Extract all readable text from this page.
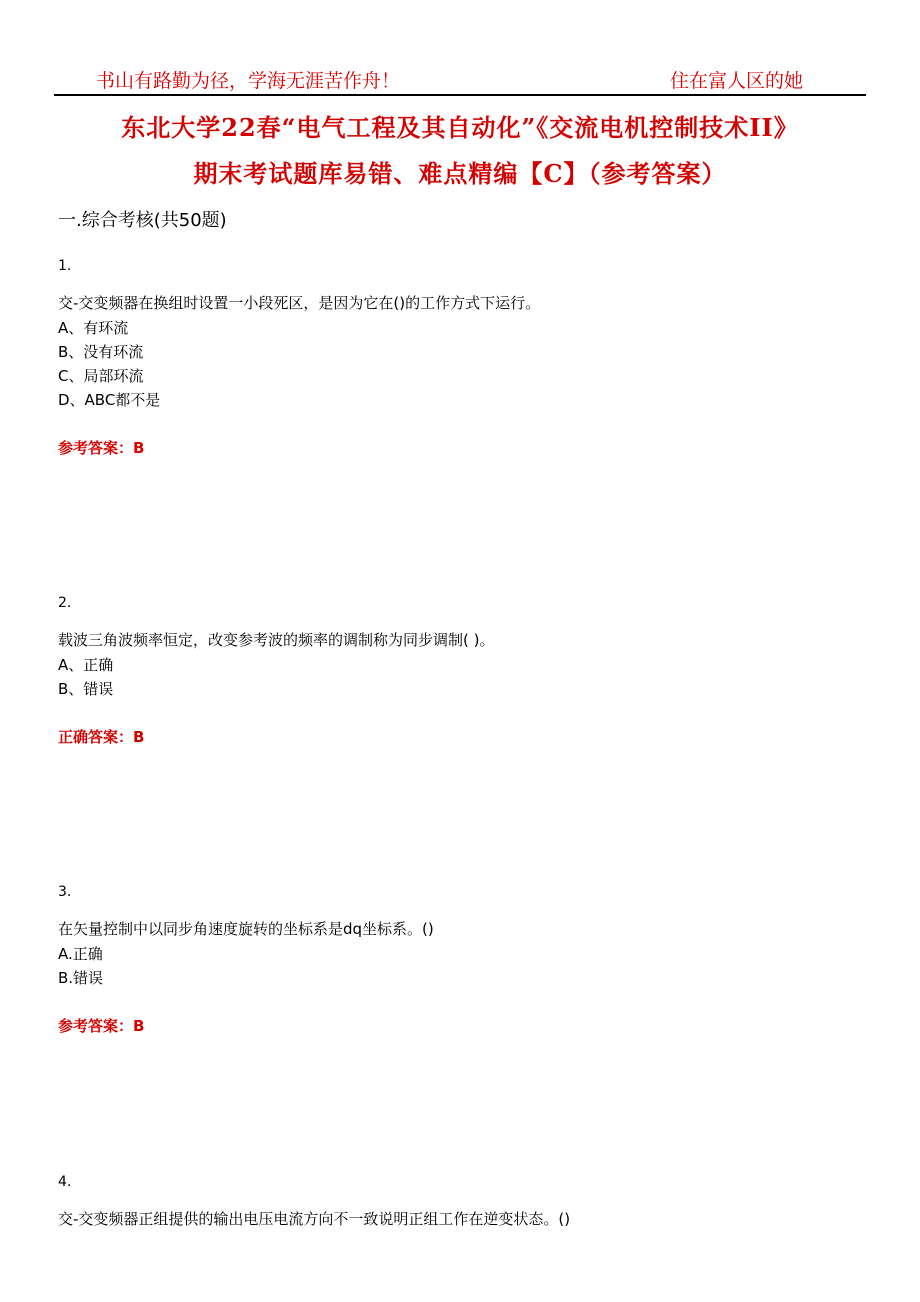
书山有路勤为径，学海无涯苦作舟！	住在富人区的她
东北大学22春“电气工程及其自动化”《交流电机控制技术II》
期末考试题库易错、难点精编【C】（参考答案）
一.综合考核(共50题)
1.
交-交变频器在换组时设置一小段死区，是因为它在()的工作方式下运行。
A、有环流
B、没有环流
C、局部环流
D、ABC都不是
参考答案：B
2.
载波三角波频率恒定，改变参考波的频率的调制称为同步调制( )。
A、正确
B、错误
正确答案：B
3.
在矢量控制中以同步角速度旋转的坐标系是dq坐标系。()
A.正确
B.错误
参考答案：B
4.
交-交变频器正组提供的输出电压电流方向不一致说明正组工作在逆变状态。()
